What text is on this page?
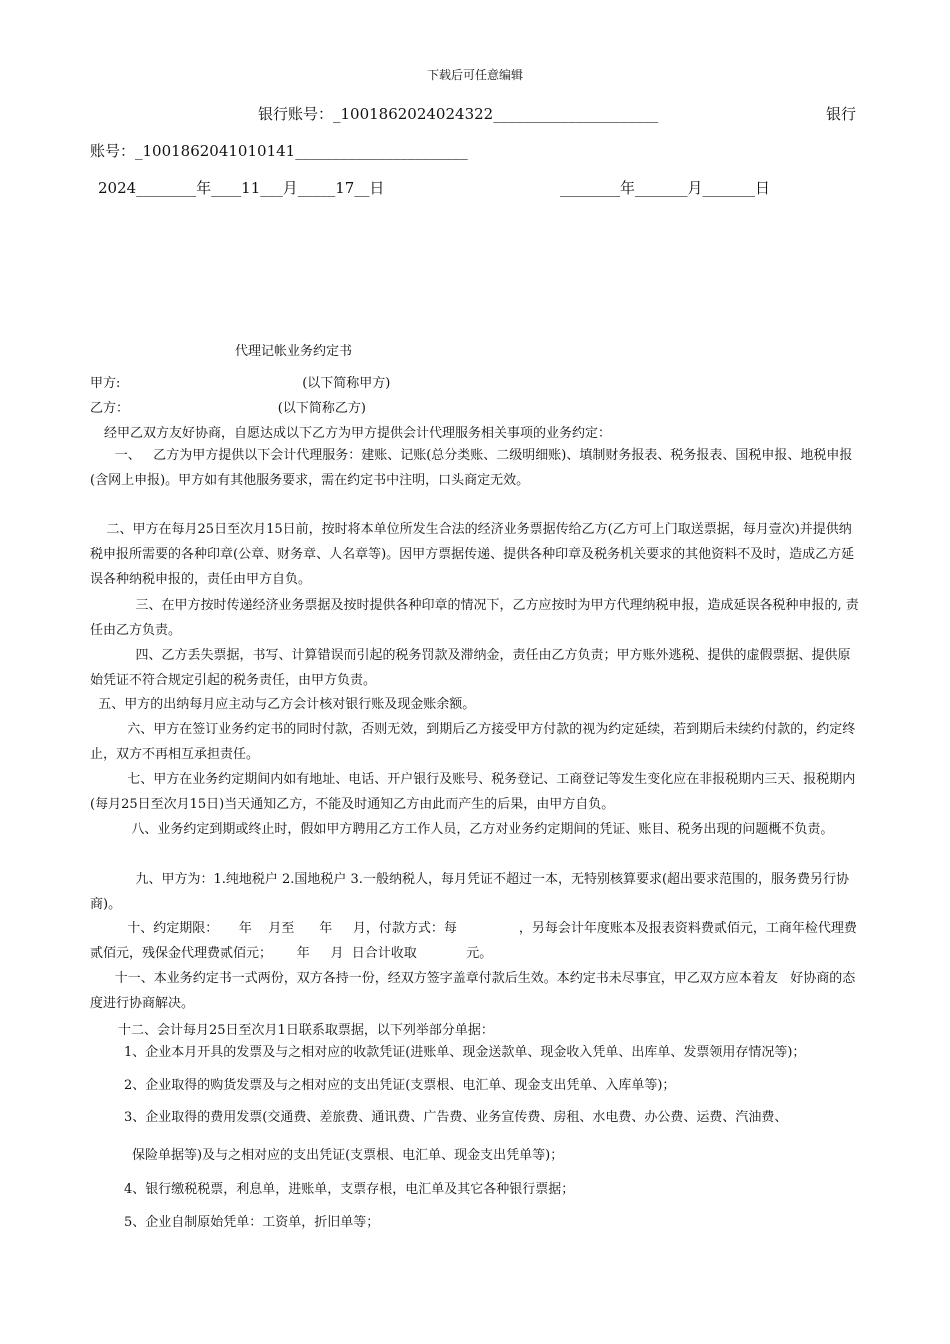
下载后可任意编辑
银行账号：_1001862024024322______________________	银行
账号：_1001862041010141_______________________
2024________年____11___月_____17__日	________年_______月_______日
代理记帐业务约定书
甲方:                                            (以下简称甲方)
乙方：                                    (以下简称乙方)
经甲乙双方友好协商，自愿达成以下乙方为甲方提供会计代理服务相关事项的业务约定：
一、   乙方为甲方提供以下会计代理服务：建账、记账(总分类账、二级明细账)、填制财务报表、税务报表、国税申报、地税申报(含网上申报)。甲方如有其他服务要求，需在约定书中注明，口头商定无效。
二、甲方在每月25日至次月15日前，按时将本单位所发生合法的经济业务票据传给乙方(乙方可上门取送票据，每月壹次)并提供纳税申报所需要的各种印章(公章、财务章、人名章等)。因甲方票据传递、提供各种印章及税务机关要求的其他资料不及时，造成乙方延误各种纳税申报的，责任由甲方自负。
三、在甲方按时传递经济业务票据及按时提供各种印章的情况下，乙方应按时为甲方代理纳税申报，造成延误各税种申报的, 责任由乙方负责。
四、乙方丢失票据，书写、计算错误而引起的税务罚款及滞纳金，责任由乙方负责；甲方账外逃税、提供的虚假票据、提供原始凭证不符合规定引起的税务责任，由甲方负责。
五、甲方的出纳每月应主动与乙方会计核对银行账及现金账余额。
六、甲方在签订业务约定书的同时付款，否则无效，到期后乙方接受甲方付款的视为约定延续，若到期后未续约付款的，约定终止，双方不再相互承担责任。
七、甲方在业务约定期间内如有地址、电话、开户银行及账号、税务登记、工商登记等发生变化应在非报税期内三天、报税期内(每月25日至次月15日)当天通知乙方，不能及时通知乙方由此而产生的后果，由甲方自负。
八、业务约定到期或终止时，假如甲方聘用乙方工作人员，乙方对业务约定期间的凭证、账目、税务出现的问题概不负责。
九、甲方为：1.纯地税户 2.国地税户 3.一般纳税人，每月凭证不超过一本，无特别核算要求(超出要求范围的，服务费另行协商)。
十、约定期限：     年    月至      年     月，付款方式：每               ，另每会计年度账本及报表资料费贰佰元，工商年检代理费贰佰元，残保金代理费贰佰元；      年     月  日合计收取            元。
十一、本业务约定书一式两份，双方各持一份，经双方签字盖章付款后生效。本约定书未尽事宜，甲乙双方应本着友   好协商的态度进行协商解决。
十二、会计每月25日至次月1日联系取票据，以下列举部分单据：
1、企业本月开具的发票及与之相对应的收款凭证(进账单、现金送款单、现金收入凭单、出库单、发票领用存情况等)；
2、企业取得的购货发票及与之相对应的支出凭证(支票根、电汇单、现金支出凭单、入库单等)；
3、企业取得的费用发票(交通费、差旅费、通讯费、广告费、业务宣传费、房租、水电费、办公费、运费、汽油费、
保险单据等)及与之相对应的支出凭证(支票根、电汇单、现金支出凭单等)；
4、银行缴税税票，利息单，进账单，支票存根，电汇单及其它各种银行票据；
5、企业自制原始凭单：工资单，折旧单等；
